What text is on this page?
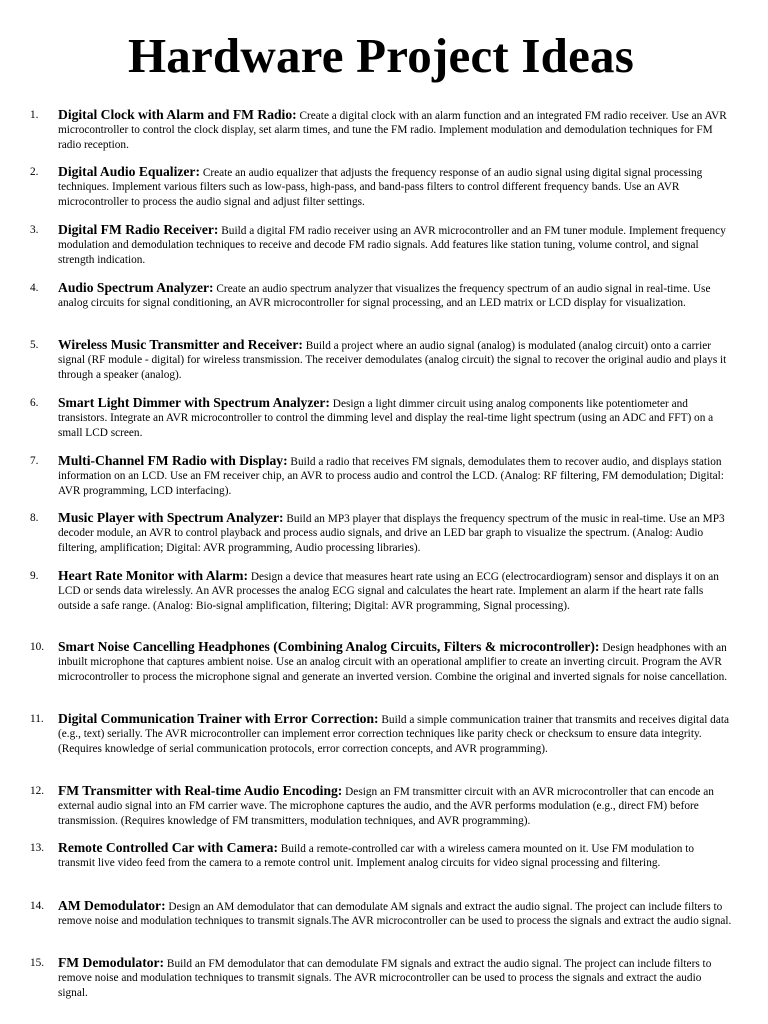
Hardware Project Ideas
1.	Digital Clock with Alarm and FM Radio: Create a digital clock with an alarm function and an integrated FM radio receiver. Use an AVR microcontroller to control the clock display, set alarm times, and tune the FM radio. Implement modulation and demodulation techniques for FM radio reception.
2.	Digital Audio Equalizer: Create an audio equalizer that adjusts the frequency response of an audio signal using digital signal processing techniques. Implement various filters such as low-pass, high-pass, and band-pass filters to control different frequency bands. Use an AVR microcontroller to process the audio signal and adjust filter settings.
3.	Digital FM Radio Receiver: Build a digital FM radio receiver using an AVR microcontroller and an FM tuner module. Implement frequency modulation and demodulation techniques to receive and decode FM radio signals. Add features like station tuning, volume control, and signal strength indication.
4.	Audio Spectrum Analyzer: Create an audio spectrum analyzer that visualizes the frequency spectrum of an audio signal in real-time. Use analog circuits for signal conditioning, an AVR microcontroller for signal processing, and an LED matrix or LCD display for visualization.
5.	Wireless Music Transmitter and Receiver: Build a project where an audio signal (analog) is modulated (analog circuit) onto a carrier signal (RF module - digital) for wireless transmission. The receiver demodulates (analog circuit) the signal to recover the original audio and plays it through a speaker (analog).
6.	Smart Light Dimmer with Spectrum Analyzer: Design a light dimmer circuit using analog components like potentiometer and transistors. Integrate an AVR microcontroller to control the dimming level and display the real-time light spectrum (using an ADC and FFT) on a small LCD screen.
7.	Multi-Channel FM Radio with Display: Build a radio that receives FM signals, demodulates them to recover audio, and displays station information on an LCD. Use an FM receiver chip, an AVR to process audio and control the LCD. (Analog: RF filtering, FM demodulation; Digital: AVR programming, LCD interfacing).
8.	Music Player with Spectrum Analyzer: Build an MP3 player that displays the frequency spectrum of the music in real-time. Use an MP3 decoder module, an AVR to control playback and process audio signals, and drive an LED bar graph to visualize the spectrum. (Analog: Audio filtering, amplification; Digital: AVR programming, Audio processing libraries).
9.	Heart Rate Monitor with Alarm: Design a device that measures heart rate using an ECG (electrocardiogram) sensor and displays it on an LCD or sends data wirelessly. An AVR processes the analog ECG signal and calculates the heart rate. Implement an alarm if the heart rate falls outside a safe range. (Analog: Bio-signal amplification, filtering; Digital: AVR programming, Signal processing).
10.	Smart Noise Cancelling Headphones (Combining Analog Circuits, Filters & microcontroller): Design headphones with an inbuilt microphone that captures ambient noise. Use an analog circuit with an operational amplifier to create an inverting circuit. Program the AVR microcontroller to process the microphone signal and generate an inverted version. Combine the original and inverted signals for noise cancellation.
11.	Digital Communication Trainer with Error Correction: Build a simple communication trainer that transmits and receives digital data (e.g., text) serially. The AVR microcontroller can implement error correction techniques like parity check or checksum to ensure data integrity. (Requires knowledge of serial communication protocols, error correction concepts, and AVR programming).
12.	FM Transmitter with Real-time Audio Encoding: Design an FM transmitter circuit with an AVR microcontroller that can encode an external audio signal into an FM carrier wave. The microphone captures the audio, and the AVR performs modulation (e.g., direct FM) before transmission. (Requires knowledge of FM transmitters, modulation techniques, and AVR programming).
13.	Remote Controlled Car with Camera: Build a remote-controlled car with a wireless camera mounted on it. Use FM modulation to transmit live video feed from the camera to a remote control unit. Implement analog circuits for video signal processing and filtering.
14.	AM Demodulator: Design an AM demodulator that can demodulate AM signals and extract the audio signal. The project can include filters to remove noise and modulation techniques to transmit signals.The AVR microcontroller can be used to process the signals and extract the audio signal.
15.	FM Demodulator: Build an FM demodulator that can demodulate FM signals and extract the audio signal. The project can include filters to remove noise and modulation techniques to transmit signals. The AVR microcontroller can be used to process the signals and extract the audio signal.
